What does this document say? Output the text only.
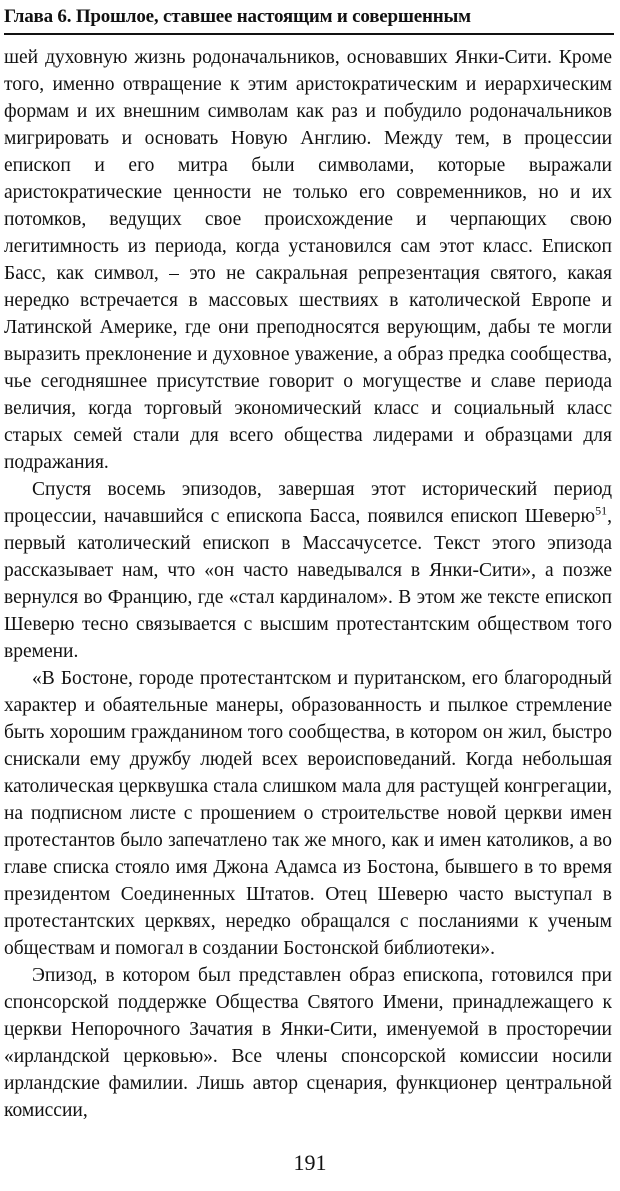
Глава 6. Прошлое, ставшее настоящим и совершенным

шей духовную жизнь родоначальников, основавших Янки-Сити. Кроме того, именно отвращение к этим аристократическим и иерархическим формам и их внешним символам как раз и побудило родоначальников мигрировать и основать Новую Англию. Между тем, в процессии епископ и его митра были символами, которые выражали аристократические ценности не только его современников, но и их потомков, ведущих свое происхождение и черпающих свою легитимность из периода, когда установился сам этот класс. Епископ Басс, как символ, – это не сакральная репрезентация святого, какая нередко встречается в массовых шествиях в католической Европе и Латинской Америке, где они преподносятся верующим, дабы те могли выразить преклонение и духовное уважение, а образ предка сообщества, чье сегодняшнее присутствие говорит о могуществе и славе периода величия, когда торговый экономический класс и социальный класс старых семей стали для всего общества лидерами и образцами для подражания.

Спустя восемь эпизодов, завершая этот исторический период процессии, начавшийся с епископа Басса, появился епископ Шеверю$^{51}$, первый католический епископ в Массачусетсе. Текст этого эпизода рассказывает нам, что «он часто наведывался в Янки-Сити», а позже вернулся во Францию, где «стал кардиналом». В этом же тексте епископ Шеверю тесно связывается с высшим протестантским обществом того времени.

«В Бостоне, городе протестантском и пуританском, его благородный характер и обаятельные манеры, образованность и пылкое стремление быть хорошим гражданином того сообщества, в котором он жил, быстро снискали ему дружбу людей всех вероисповеданий. Когда небольшая католическая церквушка стала слишком мала для растущей конгрегации, на подписном листе с прошением о строительстве новой церкви имен протестантов было запечатлено так же много, как и имен католиков, а во главе списка стояло имя Джона Адамса из Бостона, бывшего в то время президентом Соединенных Штатов. Отец Шеверю часто выступал в протестантских церквях, нередко обращался с посланиями к ученым обществам и помогал в создании Бостонской библиотеки».

Эпизод, в котором был представлен образ епископа, готовился при спонсорской поддержке Общества Святого Имени, принадлежащего к церкви Непорочного Зачатия в Янки-Сити, именуемой в просторечии «ирландской церковью». Все члены спонсорской комиссии носили ирландские фамилии. Лишь автор сценария, функционер центральной комиссии,

191
